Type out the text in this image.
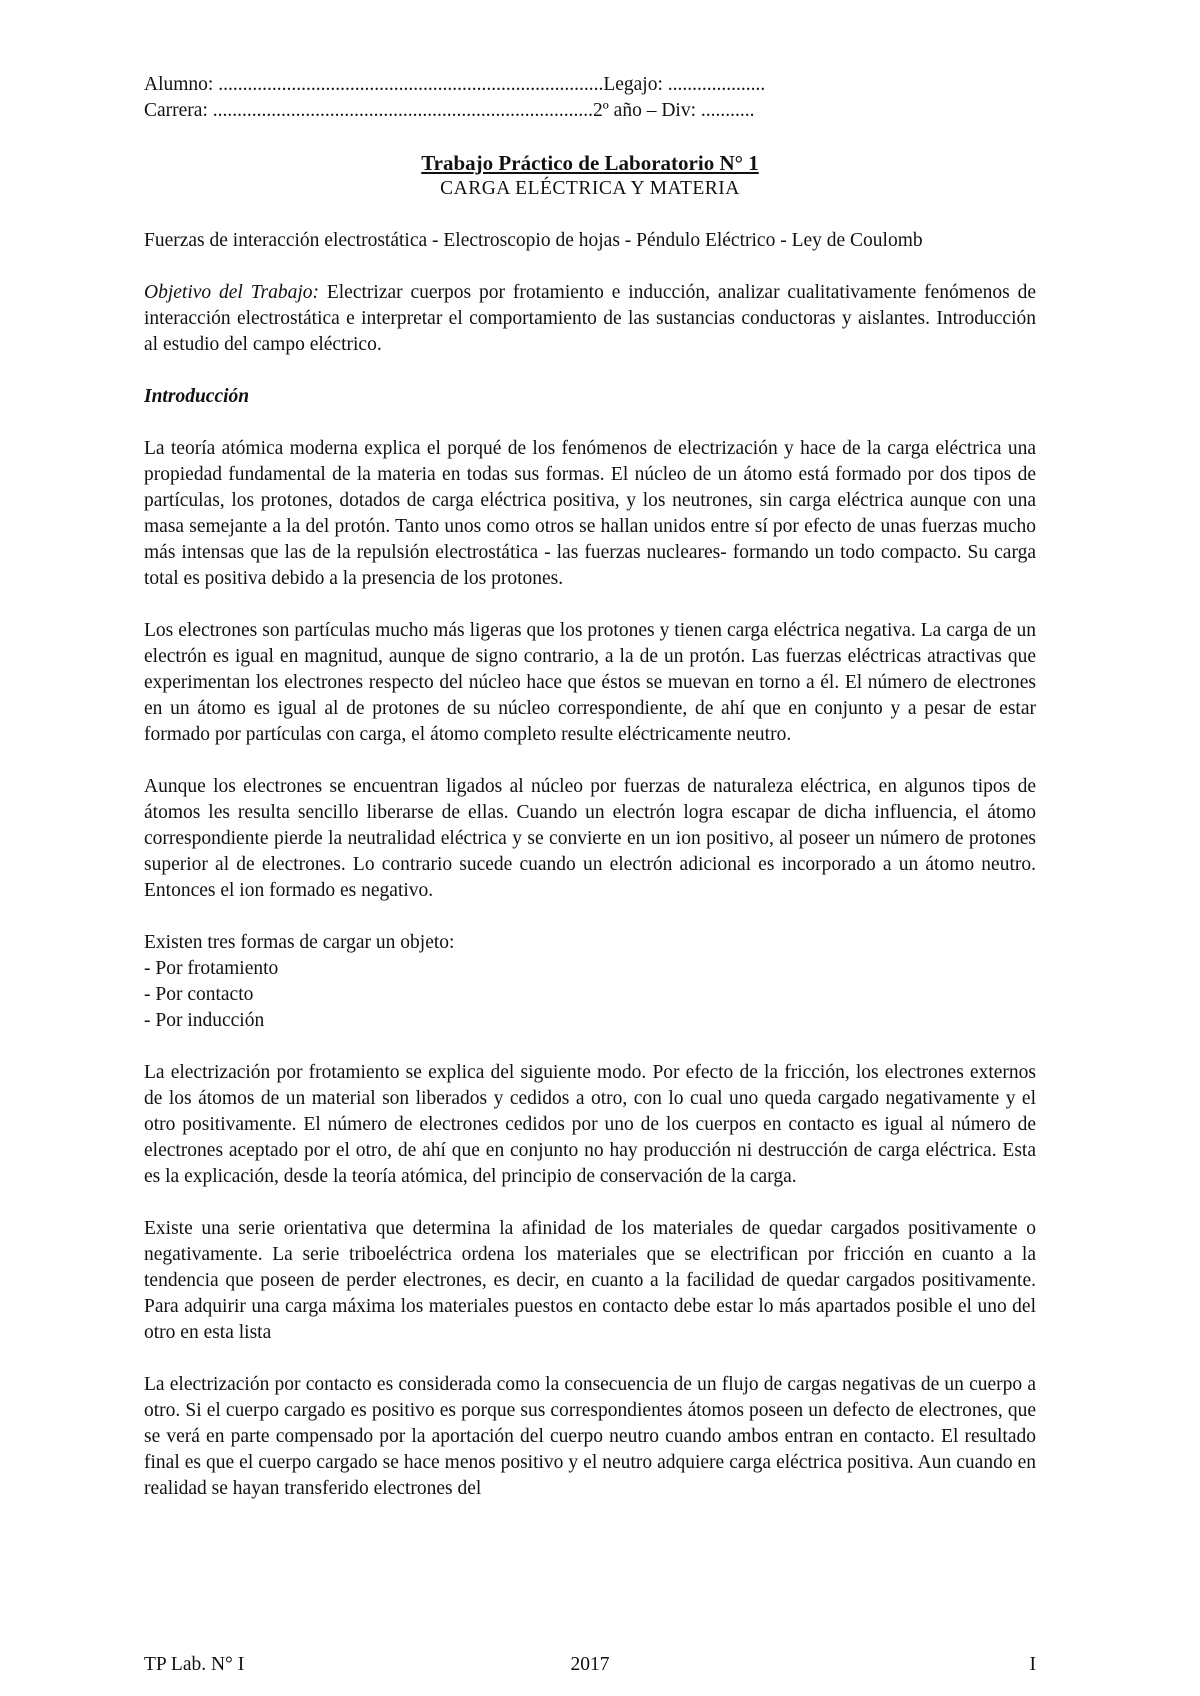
Alumno: ...............................................................................Legajo: ....................
Carrera: ..............................................................................2º año – Div: ...........
Trabajo Práctico de Laboratorio N° 1
CARGA ELÉCTRICA Y MATERIA

Fuerzas de interacción electrostática - Electroscopio de hojas - Péndulo Eléctrico - Ley de Coulomb

Objetivo del Trabajo: Electrizar cuerpos por frotamiento e inducción, analizar cualitativamente fenómenos de interacción electrostática e interpretar el comportamiento de las sustancias conductoras y aislantes. Introducción al estudio del campo eléctrico.

Introducción

La teoría atómica moderna explica el porqué de los fenómenos de electrización y hace de la carga eléctrica una propiedad fundamental de la materia en todas sus formas. El núcleo de un átomo está formado por dos tipos de partículas, los protones, dotados de carga eléctrica positiva, y los neutrones, sin carga eléctrica aunque con una masa semejante a la del protón. Tanto unos como otros se hallan unidos entre sí por efecto de unas fuerzas mucho más intensas que las de la repulsión electrostática - las fuerzas nucleares- formando un todo compacto. Su carga total es positiva debido a la presencia de los protones.

Los electrones son partículas mucho más ligeras que los protones y tienen carga eléctrica negativa. La carga de un electrón es igual en magnitud, aunque de signo contrario, a la de un protón. Las fuerzas eléctricas atractivas que experimentan los electrones respecto del núcleo hace que éstos se muevan en torno a él. El número de electrones en un átomo es igual al de protones de su núcleo correspondiente, de ahí que en conjunto y a pesar de estar formado por partículas con carga, el átomo completo resulte eléctricamente neutro.

Aunque los electrones se encuentran ligados al núcleo por fuerzas de naturaleza eléctrica, en algunos tipos de átomos les resulta sencillo liberarse de ellas. Cuando un electrón logra escapar de dicha influencia, el átomo correspondiente pierde la neutralidad eléctrica y se convierte en un ion positivo, al poseer un número de protones superior al de electrones. Lo contrario sucede cuando un electrón adicional es incorporado a un átomo neutro. Entonces el ion formado es negativo.

Existen tres formas de cargar un objeto:
- Por frotamiento
- Por contacto
- Por inducción

La electrización por frotamiento se explica del siguiente modo. Por efecto de la fricción, los electrones externos de los átomos de un material son liberados y cedidos a otro, con lo cual uno queda cargado negativamente y el otro positivamente. El número de electrones cedidos por uno de los cuerpos en contacto es igual al número de electrones aceptado por el otro, de ahí que en conjunto no hay producción ni destrucción de carga eléctrica. Esta es la explicación, desde la teoría atómica, del principio de conservación de la carga.

Existe una serie orientativa que determina la afinidad de los materiales de quedar cargados positivamente o negativamente. La serie triboeléctrica ordena los materiales que se electrifican por fricción en cuanto a la tendencia que poseen de perder electrones, es decir, en cuanto a la facilidad de quedar cargados positivamente. Para adquirir una carga máxima los materiales puestos en contacto debe estar lo más apartados posible el uno del otro en esta lista

La electrización por contacto es considerada como la consecuencia de un flujo de cargas negativas de un cuerpo a otro. Si el cuerpo cargado es positivo es porque sus correspondientes átomos poseen un defecto de electrones, que se verá en parte compensado por la aportación del cuerpo neutro cuando ambos entran en contacto. El resultado final es que el cuerpo cargado se hace menos positivo y el neutro adquiere carga eléctrica positiva. Aun cuando en realidad se hayan transferido electrones del

TP Lab. N° I	2017	I
